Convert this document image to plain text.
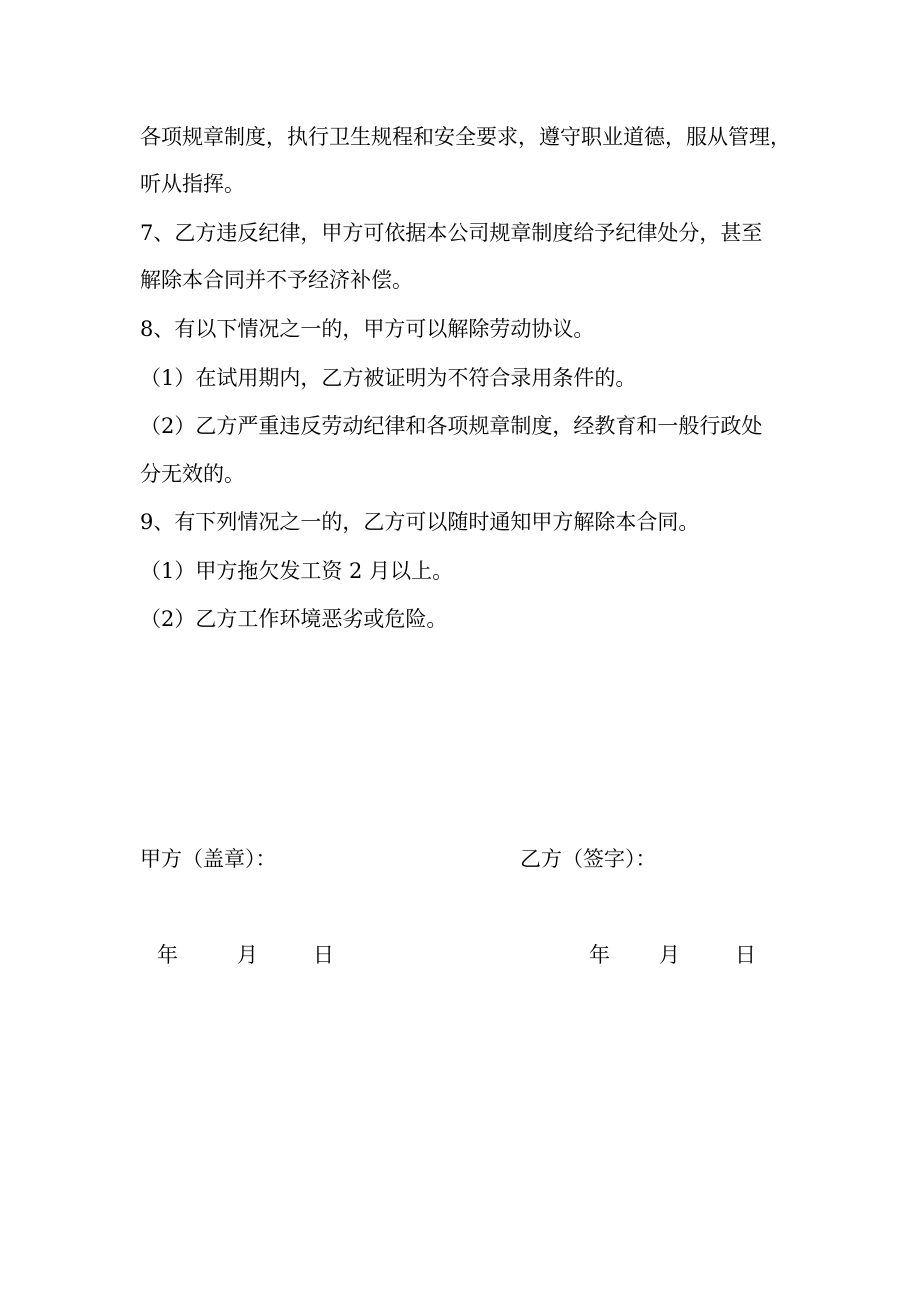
各项规章制度，执行卫生规程和安全要求，遵守职业道德，服从管理，
听从指挥。
7、乙方违反纪律，甲方可依据本公司规章制度给予纪律处分，甚至
解除本合同并不予经济补偿。
8、有以下情况之一的，甲方可以解除劳动协议。
（1）在试用期内，乙方被证明为不符合录用条件的。
（2）乙方严重违反劳动纪律和各项规章制度，经教育和一般行政处
分无效的。
9、有下列情况之一的，乙方可以随时通知甲方解除本合同。
（1）甲方拖欠发工资 2 月以上。
（2）乙方工作环境恶劣或危险。
甲方（盖章）：	乙方（签字）：
年	月	日	年 月	日
